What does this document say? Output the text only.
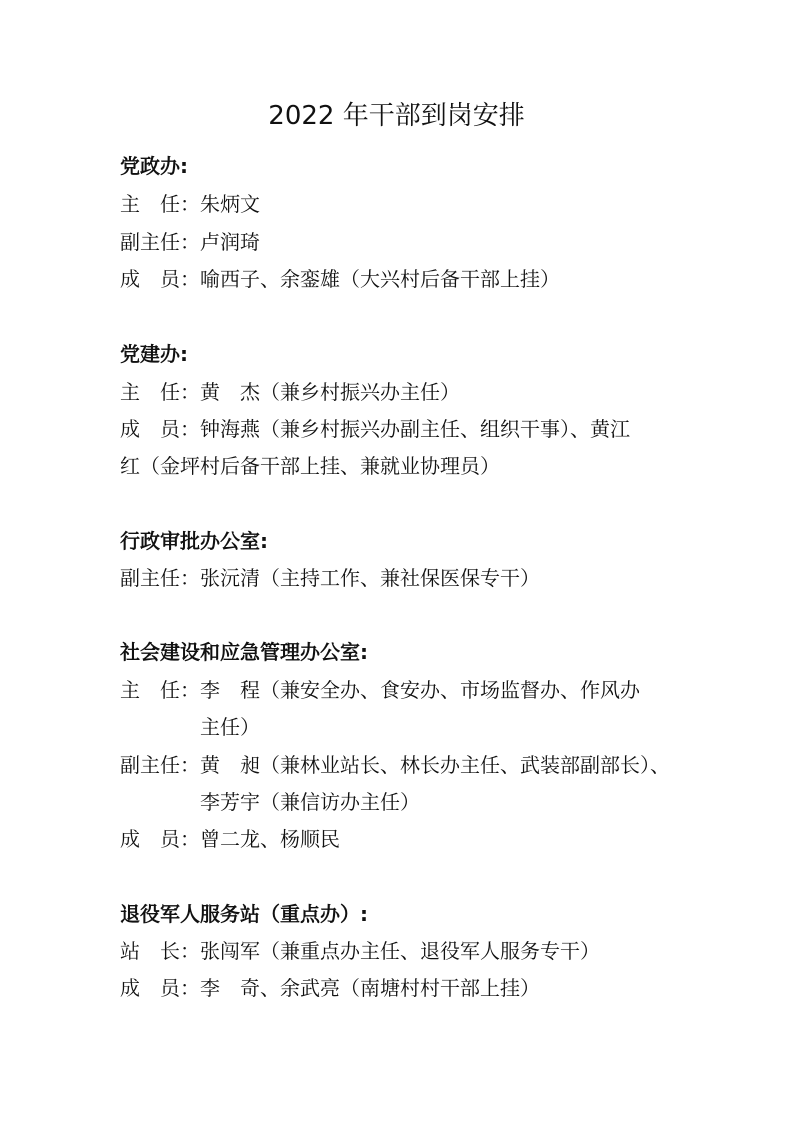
2022 年干部到岗安排
党政办:
主　任：朱炳文
副主任：卢润琦
成　员：喻西子、余銮雄（大兴村后备干部上挂）
党建办:
主　任：黄　杰（兼乡村振兴办主任）
成　员：钟海燕（兼乡村振兴办副主任、组织干事）、黄江
红（金坪村后备干部上挂、兼就业协理员）
行政审批办公室:
副主任：张沅清（主持工作、兼社保医保专干）
社会建设和应急管理办公室:
主　任：李　程（兼安全办、食安办、市场监督办、作风办
主任）
副主任：黄　昶（兼林业站长、林长办主任、武装部副部长）、
李芳宇（兼信访办主任）
成　员：曾二龙、杨顺民
退役军人服务站（重点办）:
站　长：张闯军（兼重点办主任、退役军人服务专干）
成　员：李　奇、余武亮（南塘村村干部上挂）
